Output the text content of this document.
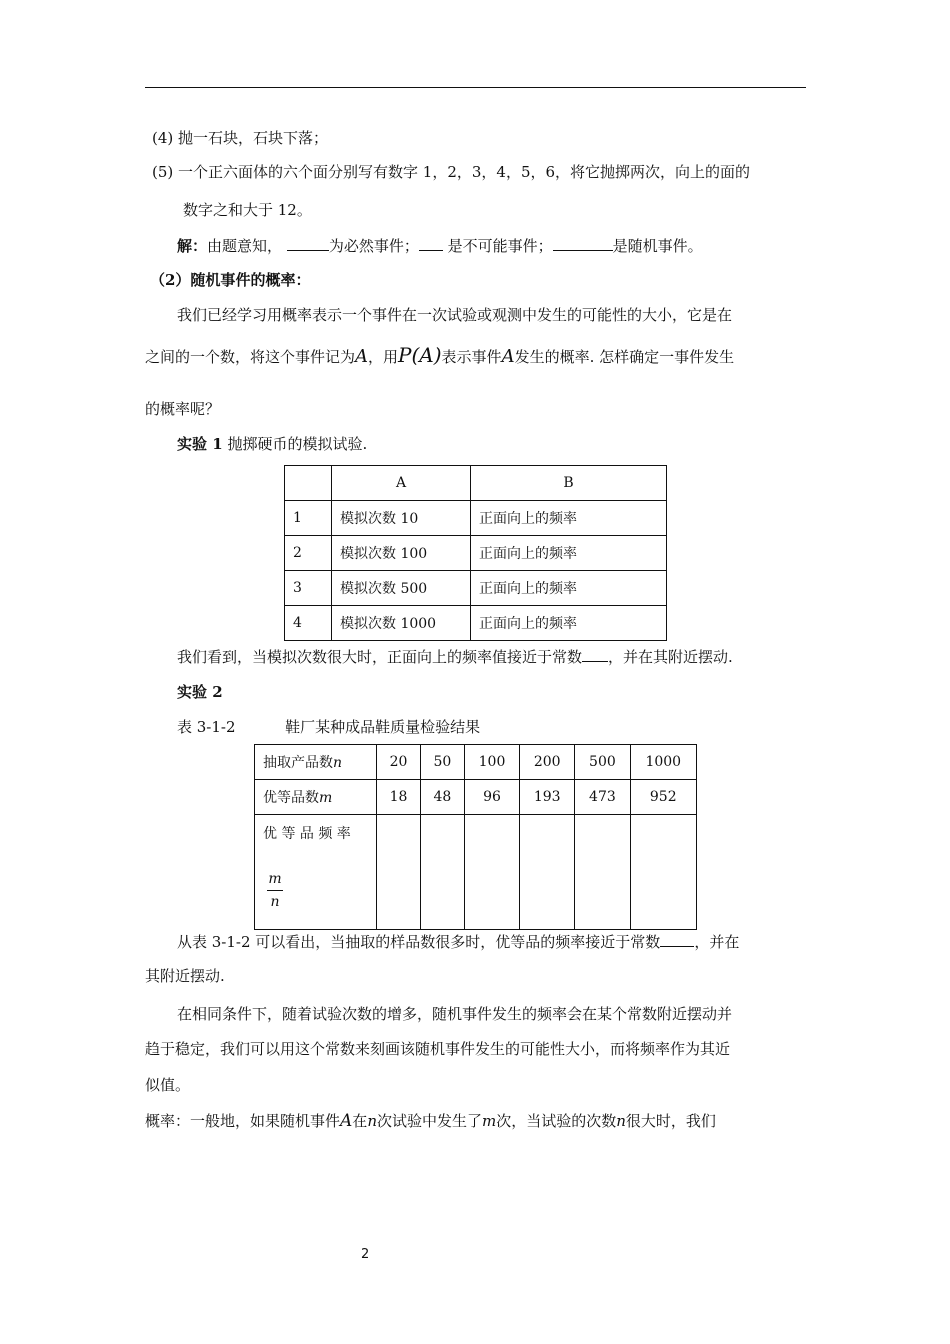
(4) 抛一石块，石块下落；
(5) 一个正六面体的六个面分别写有数字 1，2，3，4，5，6，将它抛掷两次，向上的面的
数字之和大于 12。
解：由题意知，	为必然事件； 是不可能事件；	是随机事件。
（2）随机事件的概率：
我们已经学习用概率表示一个事件在一次试验或观测中发生的可能性的大小，它是在
之间的一个数，将这个事件记为A，用P(A)表示事件A发生的概率. 怎样确定一事件发生
的概率呢？
实验 1 抛掷硬币的模拟试验.
	A	B
1	模拟次数 10	正面向上的频率
2	模拟次数 100	正面向上的频率
3	模拟次数 500	正面向上的频率
4	模拟次数 1000	正面向上的频率
我们看到，当模拟次数很大时，正面向上的频率值接近于常数 ，并在其附近摆动.
实验 2
表 3-1-2	鞋厂某种成品鞋质量检验结果
抽取产品数n	20	50	100	200	500	1000
优等品数m	18	48	96	193	473	952

优 等 品 频 率
$\frac{m}{n}$

从表 3-1-2 可以看出，当抽取的样品数很多时，优等品的频率接近于常数 ，并在
其附近摆动.
在相同条件下，随着试验次数的增多，随机事件发生的频率会在某个常数附近摆动并
趋于稳定，我们可以用这个常数来刻画该随机事件发生的可能性大小，而将频率作为其近
似值。
概率：一般地，如果随机事件A在n次试验中发生了m次，当试验的次数n很大时，我们
2
